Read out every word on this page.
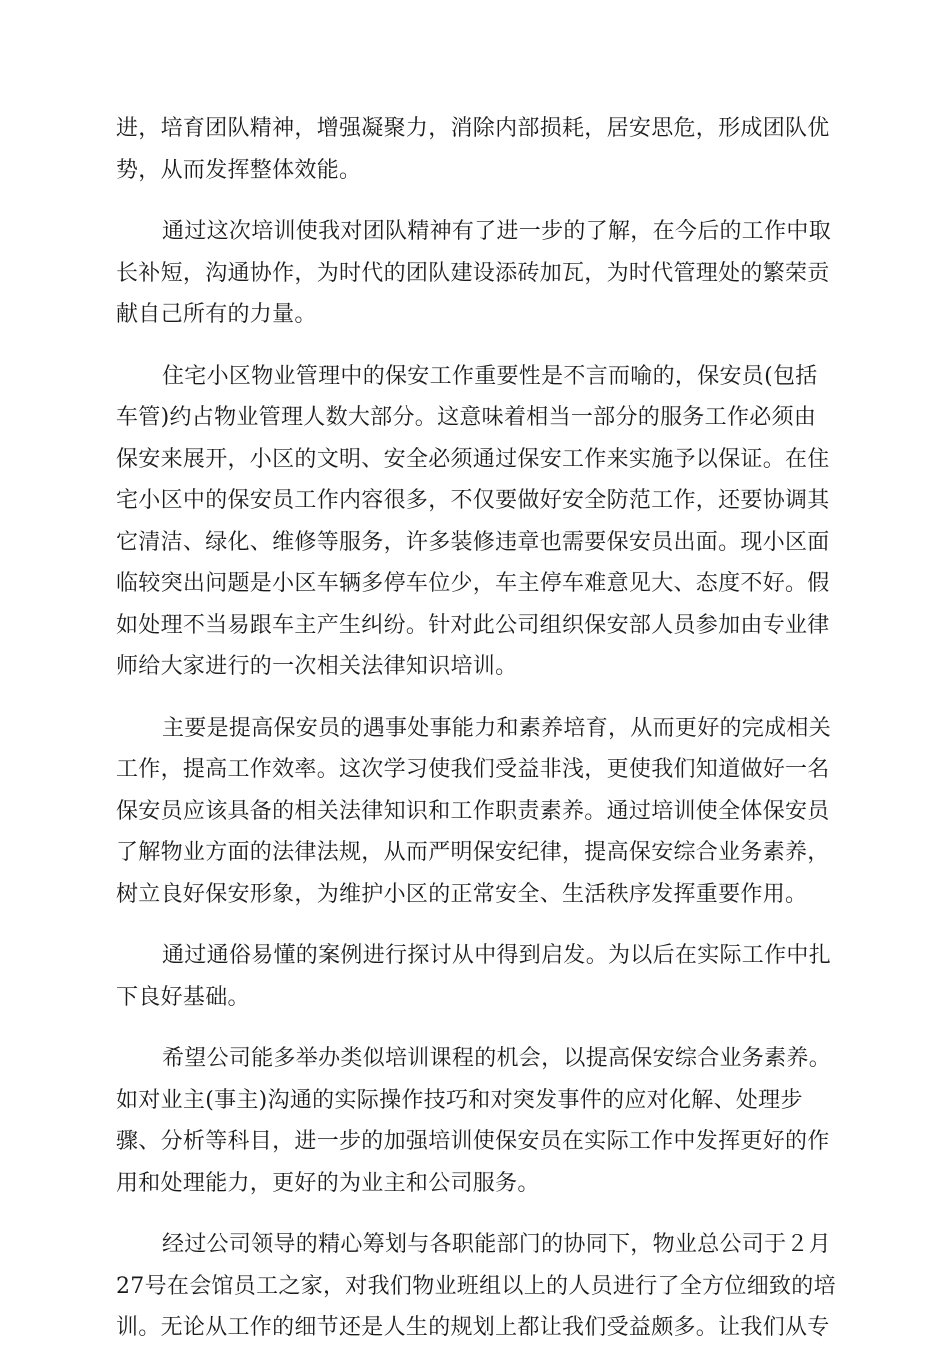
进，培育团队精神，增强凝聚力，消除内部损耗，居安思危，形成团队优
势，从而发挥整体效能。

通过这次培训使我对团队精神有了进一步的了解，在今后的工作中取
长补短，沟通协作，为时代的团队建设添砖加瓦，为时代管理处的繁荣贡
献自己所有的力量。

住宅小区物业管理中的保安工作重要性是不言而喻的，保安员(包括
车管)约占物业管理人数大部分。这意味着相当一部分的服务工作必须由
保安来展开，小区的文明、安全必须通过保安工作来实施予以保证。在住
宅小区中的保安员工作内容很多，不仅要做好安全防范工作，还要协调其
它清洁、绿化、维修等服务，许多装修违章也需要保安员出面。现小区面
临较突出问题是小区车辆多停车位少，车主停车难意见大、态度不好。假
如处理不当易跟车主产生纠纷。针对此公司组织保安部人员参加由专业律
师给大家进行的一次相关法律知识培训。

主要是提高保安员的遇事处事能力和素养培育，从而更好的完成相关
工作，提高工作效率。这次学习使我们受益非浅，更使我们知道做好一名
保安员应该具备的相关法律知识和工作职责素养。通过培训使全体保安员
了解物业方面的法律法规，从而严明保安纪律，提高保安综合业务素养，
树立良好保安形象，为维护小区的正常安全、生活秩序发挥重要作用。

通过通俗易懂的案例进行探讨从中得到启发。为以后在实际工作中扎
下良好基础。

希望公司能多举办类似培训课程的机会，以提高保安综合业务素养。
如对业主(事主)沟通的实际操作技巧和对突发事件的应对化解、处理步
骤、分析等科目，进一步的加强培训使保安员在实际工作中发挥更好的作
用和处理能力，更好的为业主和公司服务。

经过公司领导的精心筹划与各职能部门的协同下，物业总公司于２月
27号在会馆员工之家，对我们物业班组以上的人员进行了全方位细致的培
训。无论从工作的细节还是人生的规划上都让我们受益颇多。让我们从专
